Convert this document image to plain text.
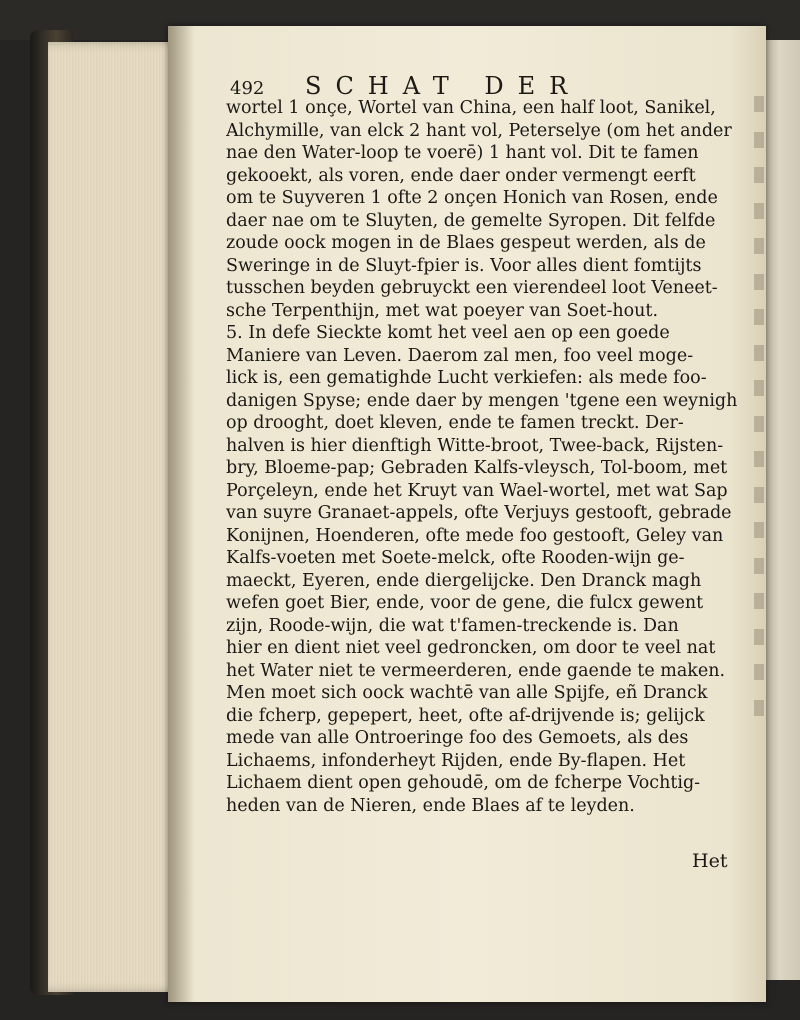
492	SCHAT DER
wortel 1 onçe, Wortel van China, een half loot, Sanikel,
Alchymille, van elck 2 hant vol, Peterselye (om het ander
nae den Water-loop te voerē) 1 hant vol. Dit te famen
gekooekt, als voren, ende daer onder vermengt eerft
om te Suyveren 1 ofte 2 onçen Honich van Rosen, ende
daer nae om te Sluyten, de gemelte Syropen. Dit felfde
zoude oock mogen in de Blaes gespeut werden, als de
Sweringe in de Sluyt-fpier is. Voor alles dient fomtijts
tusschen beyden gebruyckt een vierendeel loot Veneet-
sche Terpenthijn, met wat poeyer van Soet-hout.
5. In defe Sieckte komt het veel aen op een goede
Maniere van Leven. Daerom zal men, foo veel moge-
lick is, een gematighde Lucht verkiefen: als mede foo-
danigen Spyse; ende daer by mengen 'tgene een weynigh
op drooght, doet kleven, ende te famen treckt. Der-
halven is hier dienftigh Witte-broot, Twee-back, Rijsten-
bry, Bloeme-pap; Gebraden Kalfs-vleysch, Tol-boom, met
Porçeleyn, ende het Kruyt van Wael-wortel, met wat Sap
van suyre Granaet-appels, ofte Verjuys gestooft, gebrade
Konijnen, Hoenderen, ofte mede foo gestooft, Geley van
Kalfs-voeten met Soete-melck, ofte Rooden-wijn ge-
maeckt, Eyeren, ende diergelijcke. Den Dranck magh
wefen goet Bier, ende, voor de gene, die fulcx gewent
zijn, Roode-wijn, die wat t'famen-treckende is. Dan
hier en dient niet veel gedroncken, om door te veel nat
het Water niet te vermeerderen, ende gaende te maken.
Men moet sich oock wachtē van alle Spijfe, eñ Dranck
die fcherp, gepepert, heet, ofte af-drijvende is; gelijck
mede van alle Ontroeringe foo des Gemoets, als des
Lichaems, infonderheyt Rijden, ende By-flapen. Het
Lichaem dient open gehoudē, om de fcherpe Vochtig-
heden van de Nieren, ende Blaes af te leyden.
Het
